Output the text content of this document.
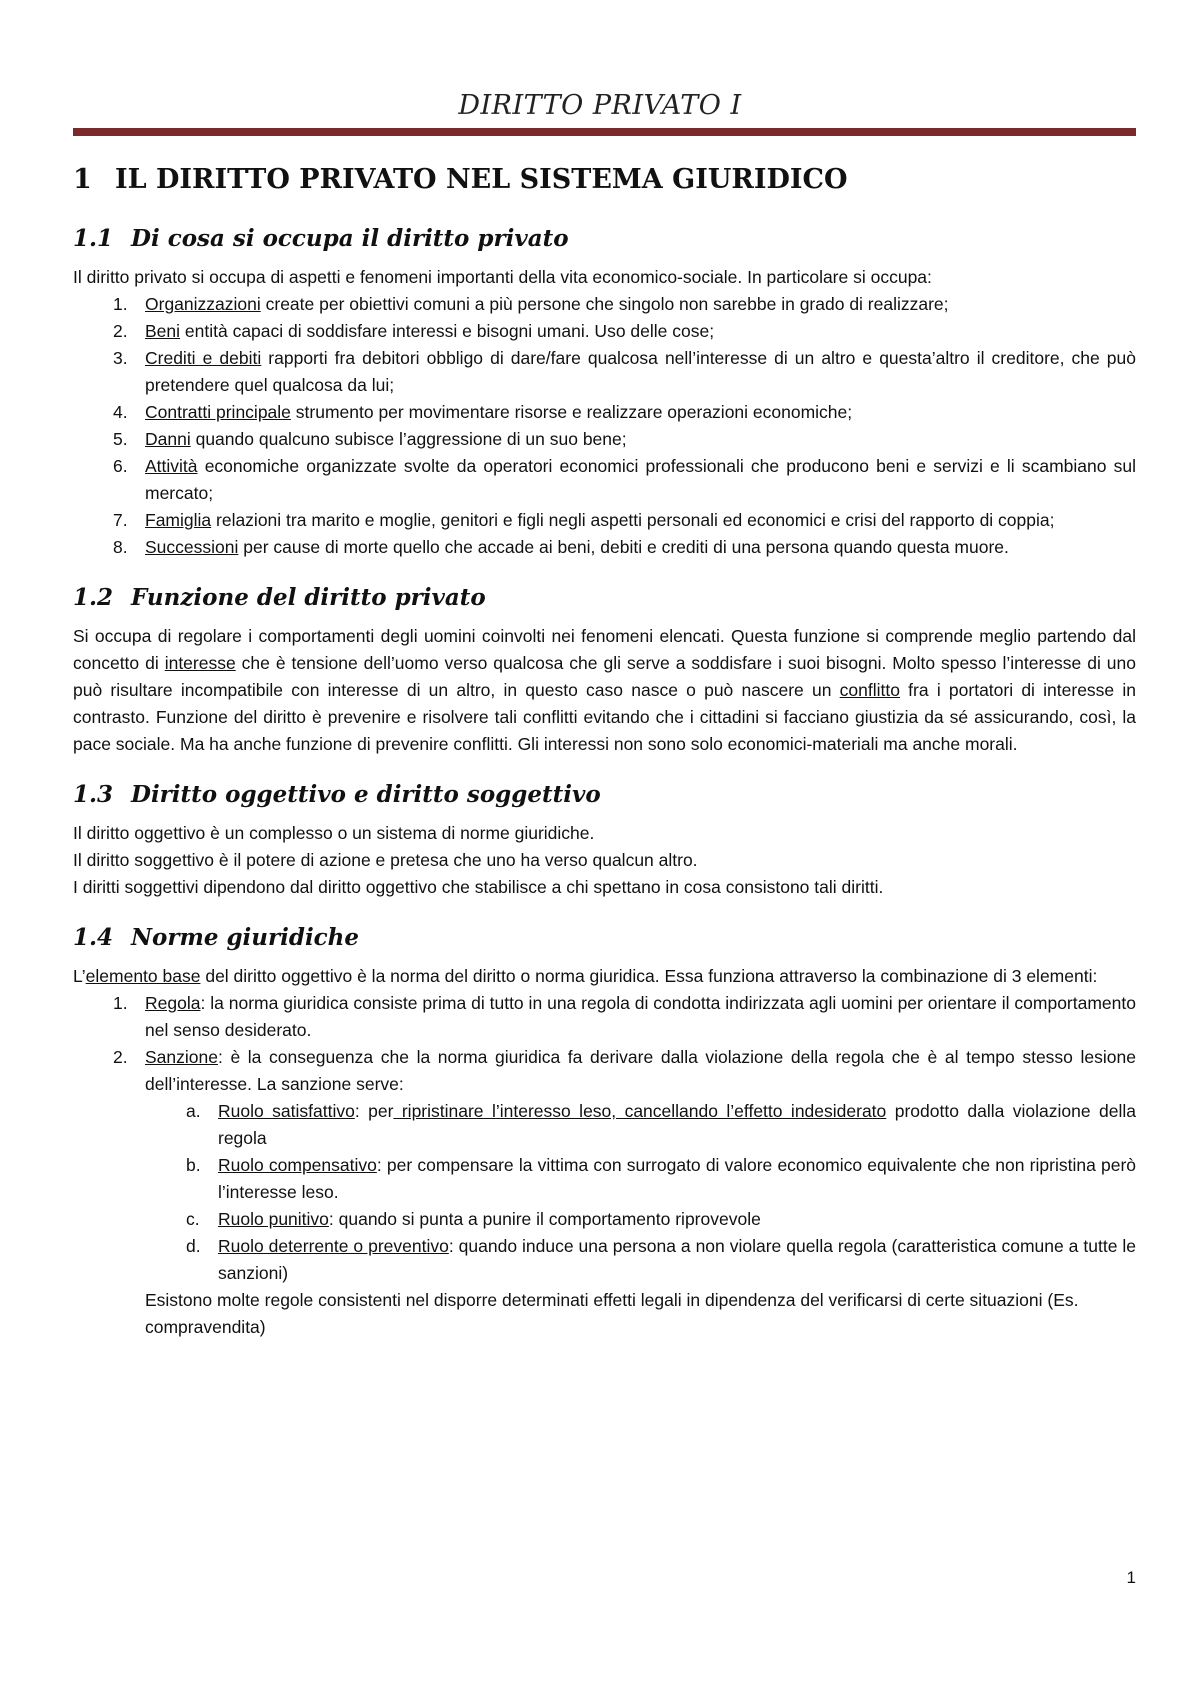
DIRITTO PRIVATO I
1 IL DIRITTO PRIVATO NEL SISTEMA GIURIDICO
1.1 Di cosa si occupa il diritto privato

Il diritto privato si occupa di aspetti e fenomeni importanti della vita economico-sociale. In particolare si occupa:

1. Organizzazioni create per obiettivi comuni a più persone che singolo non sarebbe in grado di realizzare;
2. Beni entità capaci di soddisfare interessi e bisogni umani. Uso delle cose;
3. Crediti e debiti rapporti fra debitori obbligo di dare/fare qualcosa nell’interesse di un altro e questa’altro il creditore, che può pretendere quel qualcosa da lui;
4. Contratti principale strumento per movimentare risorse e realizzare operazioni economiche;
5. Danni quando qualcuno subisce l’aggressione di un suo bene;
6. Attività economiche organizzate svolte da operatori economici professionali che producono beni e servizi e li scambiano sul mercato;
7. Famiglia relazioni tra marito e moglie, genitori e figli negli aspetti personali ed economici e crisi del rapporto di coppia;
8. Successioni per cause di morte quello che accade ai beni, debiti e crediti di una persona quando questa muore.
1.2 Funzione del diritto privato

Si occupa di regolare i comportamenti degli uomini coinvolti nei fenomeni elencati. Questa funzione si comprende meglio partendo dal concetto di interesse che è tensione dell’uomo verso qualcosa che gli serve a soddisfare i suoi bisogni. Molto spesso l’interesse di uno può risultare incompatibile con interesse di un altro, in questo caso nasce o può nascere un conflitto fra i portatori di interesse in contrasto. Funzione del diritto è prevenire e risolvere tali conflitti evitando che i cittadini si facciano giustizia da sé assicurando, così, la pace sociale. Ma ha anche funzione di prevenire conflitti. Gli interessi non sono solo economici-materiali ma anche morali.

1.3 Diritto oggettivo e diritto soggettivo

Il diritto oggettivo è un complesso o un sistema di norme giuridiche.

Il diritto soggettivo è il potere di azione e pretesa che uno ha verso qualcun altro.

I diritti soggettivi dipendono dal diritto oggettivo che stabilisce a chi spettano in cosa consistono tali diritti.

1.4 Norme giuridiche

L’elemento base del diritto oggettivo è la norma del diritto o norma giuridica. Essa funziona attraverso la combinazione di 3 elementi:

1. Regola: la norma giuridica consiste prima di tutto in una regola di condotta indirizzata agli uomini per orientare il comportamento nel senso desiderato.
2. Sanzione: è la conseguenza che la norma giuridica fa derivare dalla violazione della regola che è al tempo stesso lesione dell’interesse. La sanzione serve:
a. Ruolo satisfattivo: per ripristinare l’interesso leso, cancellando l’effetto indesiderato prodotto dalla violazione della regola
b. Ruolo compensativo: per compensare la vittima con surrogato di valore economico equivalente che non ripristina però l’interesse leso.
c.	Ruolo punitivo: quando si punta a punire il comportamento riprovevole
d. Ruolo deterrente o preventivo: quando induce una persona a non violare quella regola (caratteristica comune a tutte le sanzioni)

Esistono molte regole consistenti nel disporre determinati effetti legali in dipendenza del verificarsi di certe situazioni (Es. compravendita)

1
